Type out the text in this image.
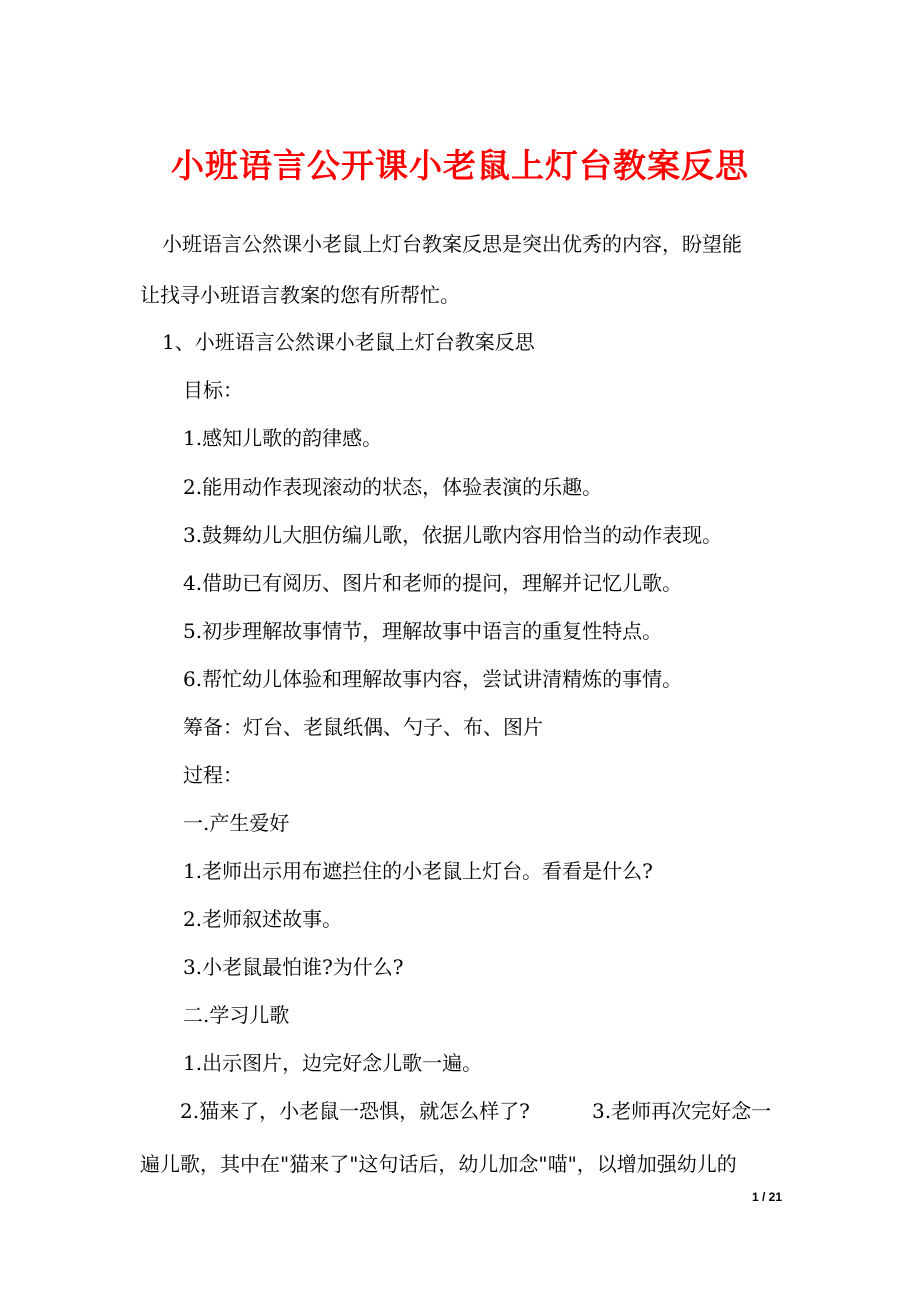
小班语言公开课小老鼠上灯台教案反思
小班语言公然课小老鼠上灯台教案反思是突出优秀的内容，盼望能
让找寻小班语言教案的您有所帮忙。
1、小班语言公然课小老鼠上灯台教案反思
目标：
1.感知儿歌的韵律感。
2.能用动作表现滚动的状态，体验表演的乐趣。
3.鼓舞幼儿大胆仿编儿歌，依据儿歌内容用恰当的动作表现。
4.借助已有阅历、图片和老师的提问，理解并记忆儿歌。
5.初步理解故事情节，理解故事中语言的重复性特点。
6.帮忙幼儿体验和理解故事内容，尝试讲清精炼的事情。
筹备：灯台、老鼠纸偶、勺子、布、图片
过程：
一.产生爱好
1.老师出示用布遮拦住的小老鼠上灯台。看看是什么?
2.老师叙述故事。
3.小老鼠最怕谁?为什么?
二.学习儿歌
1.出示图片，边完好念儿歌一遍。
2.猫来了，小老鼠一恐惧，就怎么样了?	3.老师再次完好念一
遍儿歌，其中在"猫来了"这句话后，幼儿加念"喵"，以增加强幼儿的
1 / 21
